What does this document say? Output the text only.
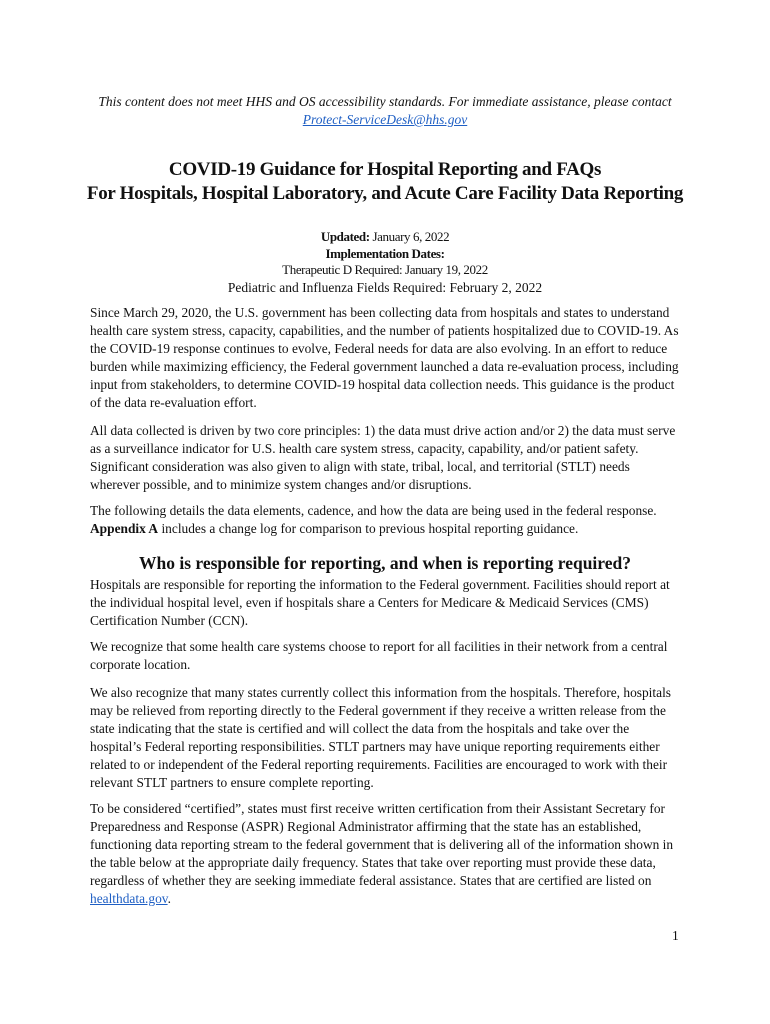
This content does not meet HHS and OS accessibility standards. For immediate assistance, please contact Protect-ServiceDesk@hhs.gov
COVID-19 Guidance for Hospital Reporting and FAQs
For Hospitals, Hospital Laboratory, and Acute Care Facility Data Reporting
Updated: January 6, 2022
Implementation Dates:
Therapeutic D Required: January 19, 2022
Pediatric and Influenza Fields Required: February 2, 2022

Since March 29, 2020, the U.S. government has been collecting data from hospitals and states to understand health care system stress, capacity, capabilities, and the number of patients hospitalized due to COVID-19. As the COVID-19 response continues to evolve, Federal needs for data are also evolving. In an effort to reduce burden while maximizing efficiency, the Federal government launched a data re-evaluation process, including input from stakeholders, to determine COVID-19 hospital data collection needs. This guidance is the product of the data re-evaluation effort.

All data collected is driven by two core principles: 1) the data must drive action and/or 2) the data must serve as a surveillance indicator for U.S. health care system stress, capacity, capability, and/or patient safety. Significant consideration was also given to align with state, tribal, local, and territorial (STLT) needs wherever possible, and to minimize system changes and/or disruptions.

The following details the data elements, cadence, and how the data are being used in the federal response. Appendix A includes a change log for comparison to previous hospital reporting guidance.

Who is responsible for reporting, and when is reporting required?

Hospitals are responsible for reporting the information to the Federal government. Facilities should report at the individual hospital level, even if hospitals share a Centers for Medicare & Medicaid Services (CMS) Certification Number (CCN).

We recognize that some health care systems choose to report for all facilities in their network from a central corporate location.

We also recognize that many states currently collect this information from the hospitals. Therefore, hospitals may be relieved from reporting directly to the Federal government if they receive a written release from the state indicating that the state is certified and will collect the data from the hospitals and take over the hospital’s Federal reporting responsibilities. STLT partners may have unique reporting requirements either related to or independent of the Federal reporting requirements. Facilities are encouraged to work with their relevant STLT partners to ensure complete reporting.

To be considered “certified”, states must first receive written certification from their Assistant Secretary for Preparedness and Response (ASPR) Regional Administrator affirming that the state has an established, functioning data reporting stream to the federal government that is delivering all of the information shown in the table below at the appropriate daily frequency. States that take over reporting must provide these data, regardless of whether they are seeking immediate federal assistance. States that are certified are listed on healthdata.gov.

1
